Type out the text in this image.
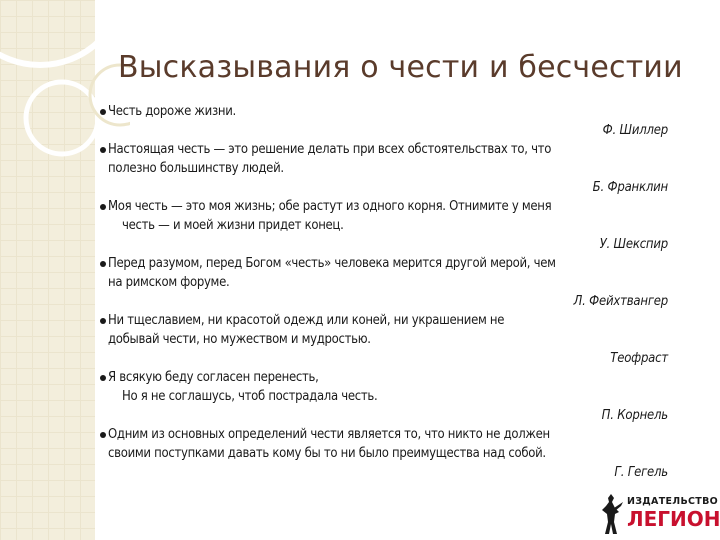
Высказывания о чести и бесчестии
Честь дороже жизни.
Ф. Шиллер
Настоящая честь — это решение делать при всех обстоятельствах то, что
полезно большинству людей.
Б. Франклин
Моя честь — это моя жизнь; обе растут из одного корня. Отнимите у меня
честь — и моей жизни придет конец.
У. Шекспир
Перед разумом, перед Богом «честь» человека мерится другой мерой, чем
на римском форуме.
Л. Фейхтвангер
Ни тщеславием, ни красотой одежд или коней, ни украшением не
добывай чести, но мужеством и мудростью.
Теофраст
Я всякую беду согласен перенесть,
Но я не соглашусь, чтоб пострадала честь.
П. Корнель
Одним из основных определений чести является то, что никто не должен
своими поступками давать кому бы то ни было преимущества над собой.
Г. Гегель
ИЗДАТЕЛЬСТВО
ЛЕГИОН
